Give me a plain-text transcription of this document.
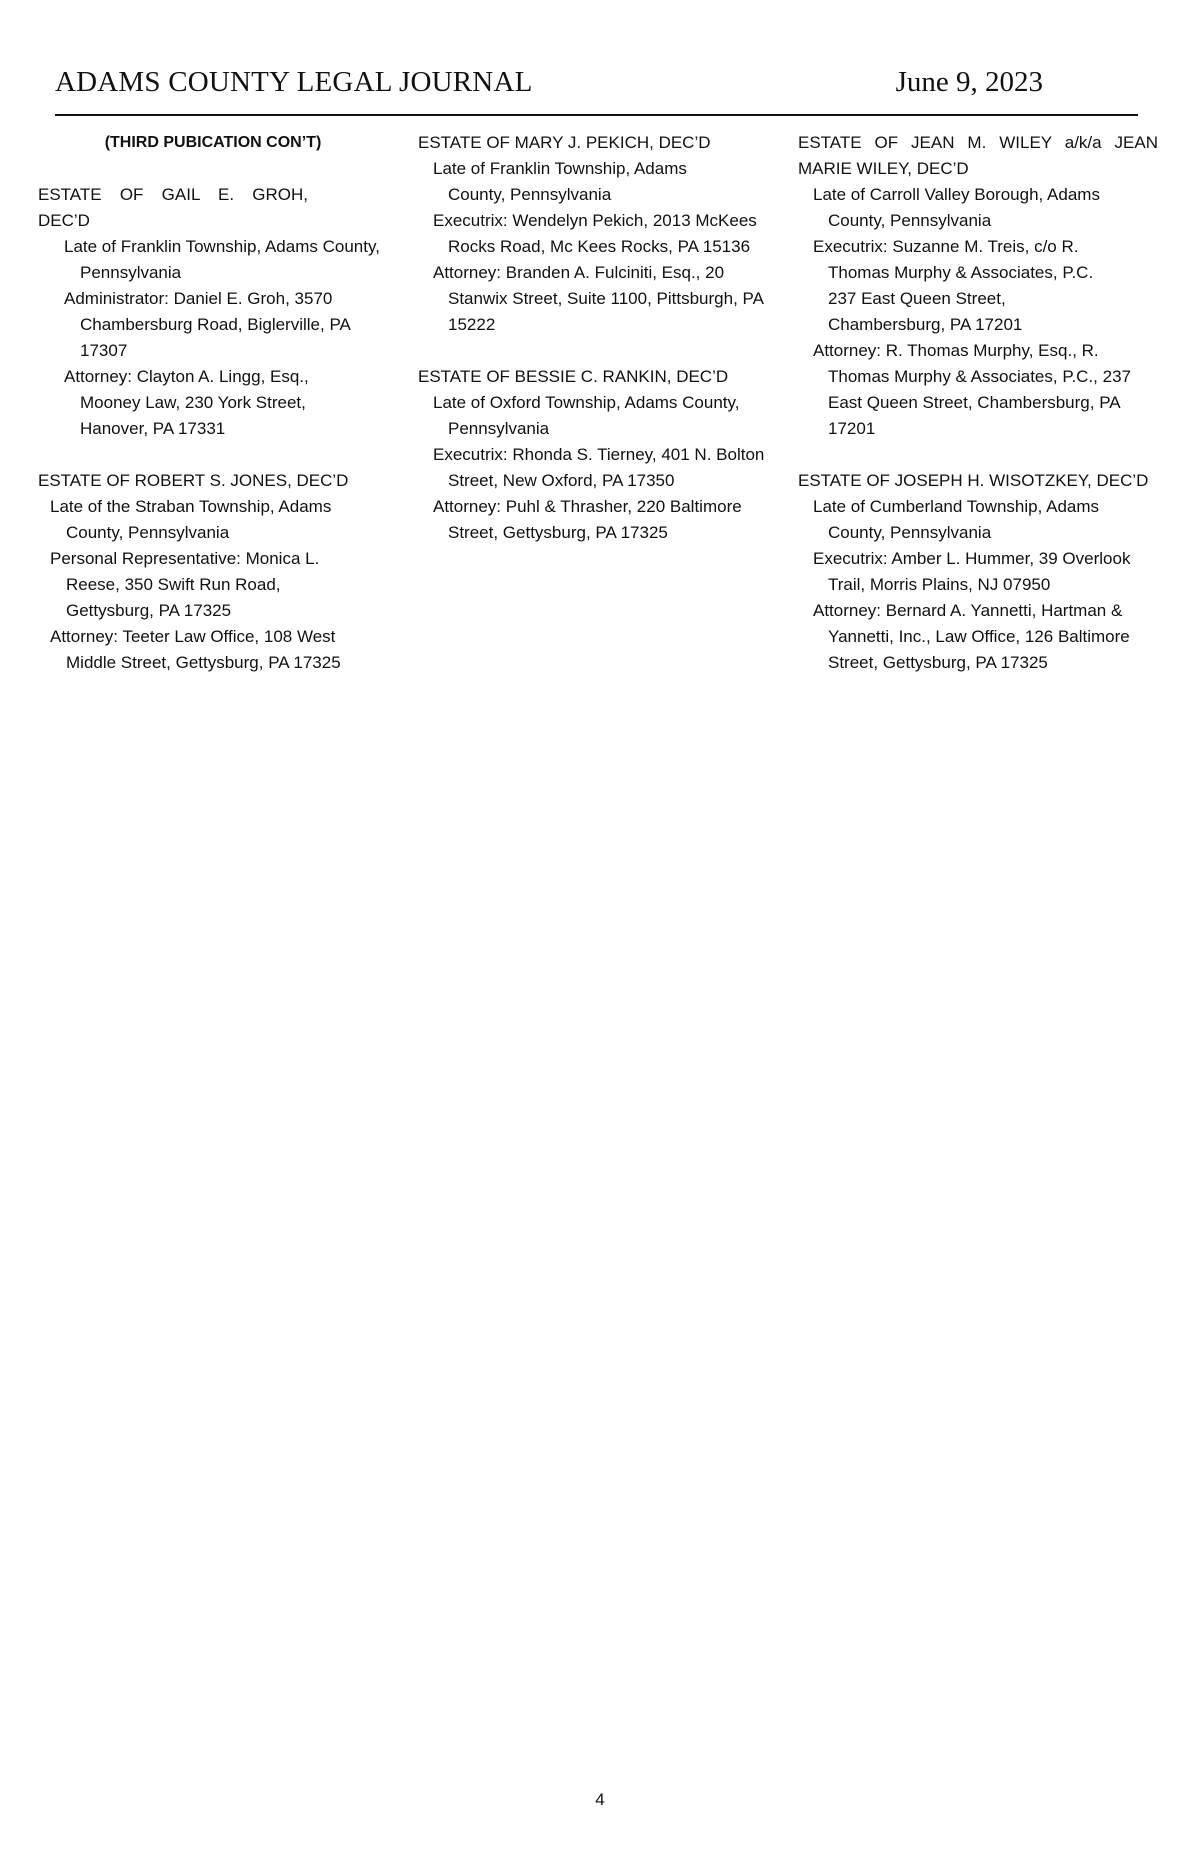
ADAMS COUNTY LEGAL JOURNAL	June 9, 2023
(THIRD PUBICATION CON’T)
ESTATE OF GAIL E. GROH, DEC’D
Late of Franklin Township, Adams County, Pennsylvania
Administrator: Daniel E. Groh, 3570 Chambersburg Road, Biglerville, PA 17307
Attorney: Clayton A. Lingg, Esq., Mooney Law, 230 York Street, Hanover, PA 17331
ESTATE OF ROBERT S. JONES, DEC’D
Late of the Straban Township, Adams County, Pennsylvania
Personal Representative: Monica L. Reese, 350 Swift Run Road, Gettysburg, PA 17325
Attorney: Teeter Law Office, 108 West Middle Street, Gettysburg, PA 17325
ESTATE OF MARY J. PEKICH, DEC’D
Late of Franklin Township, Adams County, Pennsylvania
Executrix: Wendelyn Pekich, 2013 McKees Rocks Road, Mc Kees Rocks, PA 15136
Attorney: Branden A. Fulciniti, Esq., 20 Stanwix Street, Suite 1100, Pittsburgh, PA 15222
ESTATE OF BESSIE C. RANKIN, DEC’D
Late of Oxford Township, Adams County, Pennsylvania
Executrix: Rhonda S. Tierney, 401 N. Bolton Street, New Oxford, PA 17350
Attorney: Puhl & Thrasher, 220 Baltimore Street, Gettysburg, PA 17325
ESTATE OF JEAN M. WILEY a/k/a JEAN MARIE WILEY, DEC’D
Late of Carroll Valley Borough, Adams County, Pennsylvania
Executrix: Suzanne M. Treis, c/o R. Thomas Murphy & Associates, P.C. 237 East Queen Street, Chambersburg, PA 17201
Attorney: R. Thomas Murphy, Esq., R. Thomas Murphy & Associates, P.C., 237 East Queen Street, Chambersburg, PA 17201
ESTATE OF JOSEPH H. WISOTZKEY, DEC’D
Late of Cumberland Township, Adams County, Pennsylvania
Executrix: Amber L. Hummer, 39 Overlook Trail, Morris Plains, NJ 07950
Attorney: Bernard A. Yannetti, Hartman & Yannetti, Inc., Law Office, 126 Baltimore Street, Gettysburg, PA 17325
4
